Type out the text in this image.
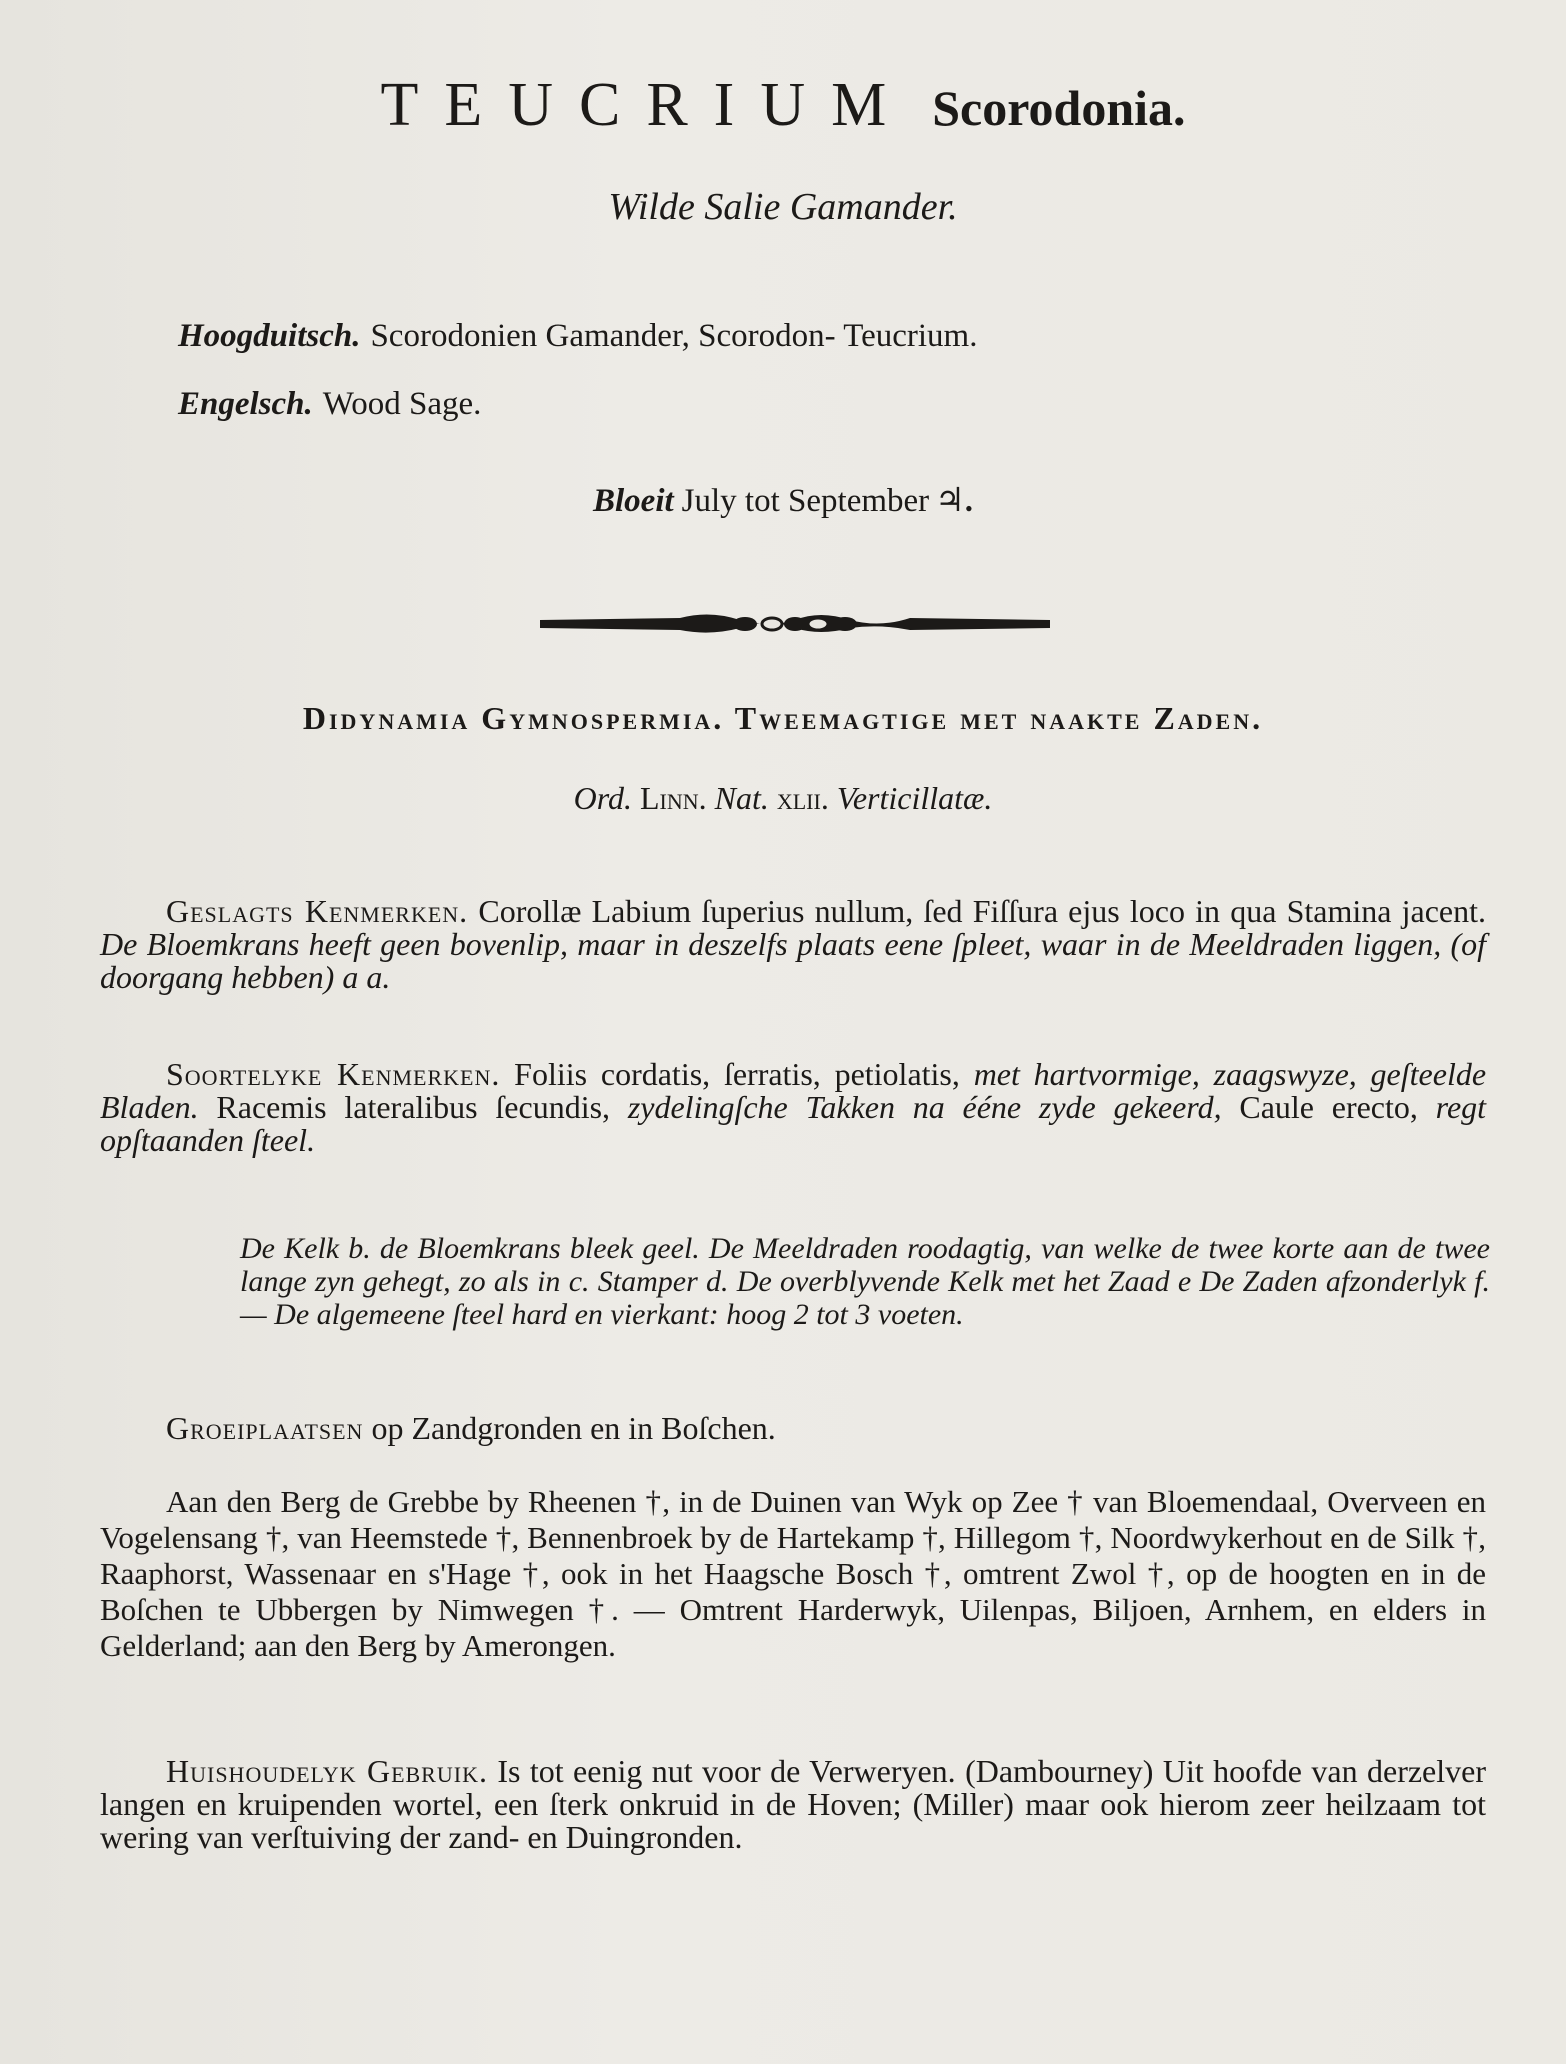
TEUCRIUM Scorodonia.
Wilde Salie Gamander.
Hoogduitsch. Scorodonien Gamander, Scorodon- Teucrium.
Engelsch. Wood Sage.
Bloeit July tot September ♃.
Didynamia Gymnospermia. Tweemagtige met naakte Zaden.
Ord. Linn. Nat. xlii. Verticillatæ.
Geslagts Kenmerken. Corollæ Labium ſuperius nullum, ſed Fiſſura ejus loco in qua Stamina jacent. De Bloemkrans heeft geen bovenlip, maar in deszelfs plaats eene ſpleet, waar in de Meeldraden liggen, (of doorgang hebben) a a.
Soortelyke Kenmerken. Foliis cordatis, ſerratis, petiolatis, met hartvormige, zaagswyze, geſteelde Bladen. Racemis lateralibus ſecundis, zydelingſche Takken na ééne zyde gekeerd, Caule erecto, regt opſtaanden ſteel.
De Kelk b. de Bloemkrans bleek geel. De Meeldraden roodagtig, van welke de twee korte aan de twee lange zyn gehegt, zo als in c. Stamper d. De overblyvende Kelk met het Zaad e De Zaden afzonderlyk f. — De algemeene ſteel hard en vierkant: hoog 2 tot 3 voeten.
Groeiplaatsen op Zandgronden en in Boſchen.
Aan den Berg de Grebbe by Rheenen †, in de Duinen van Wyk op Zee † van Bloemendaal, Overveen en Vogelensang †, van Heemstede †, Bennenbroek by de Hartekamp †, Hillegom †, Noordwykerhout en de Silk †, Raaphorst, Wassenaar en s'Hage †, ook in het Haagsche Bosch †, omtrent Zwol †, op de hoogten en in de Boſchen te Ubbergen by Nimwegen †. — Omtrent Harderwyk, Uilenpas, Biljoen, Arnhem, en elders in Gelderland; aan den Berg by Amerongen.
Huishoudelyk Gebruik. Is tot eenig nut voor de Verweryen. (Dambourney) Uit hoofde van derzelver langen en kruipenden wortel, een ſterk onkruid in de Hoven; (Miller) maar ook hierom zeer heilzaam tot wering van verſtuiving der zand- en Duingronden.
